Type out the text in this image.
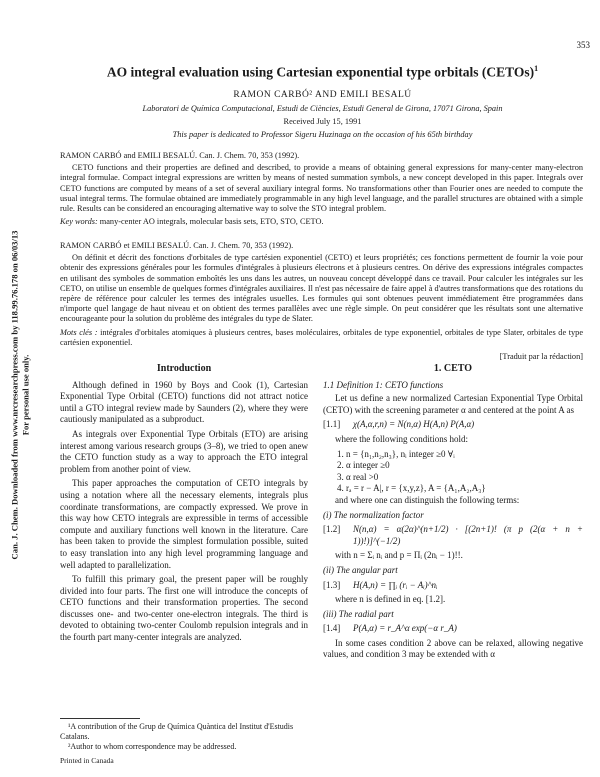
353
Can. J. Chem. Downloaded from www.nrcresearchpress.com by 118.99.76.178 on 06/03/13 For personal use only.
AO integral evaluation using Cartesian exponential type orbitals (CETOs)$^1$
RAMON CARBÓ² AND EMILI BESALÚ
Laboratori de Química Computacional, Estudi de Ciències, Estudi General de Girona, 17071 Girona, Spain
Received July 15, 1991
This paper is dedicated to Professor Sigeru Huzinaga on the occasion of his 65th birthday

RAMON CARBÓ and EMILI BESALÚ. Can. J. Chem. 70, 353 (1992).

CETO functions and their properties are defined and described, to provide a means of obtaining general expressions for many-center many-electron integral formulae. Compact integral expressions are written by means of nested summation symbols, a new concept developed in this paper. Integrals over CETO functions are computed by means of a set of several auxiliary integral forms. No transformations other than Fourier ones are needed to compute the usual integral terms. The formulae obtained are immediately programmable in any high level language, and the parallel structures are obtained with a simple rule. Results can be considered an encouraging alternative way to solve the STO integral problem.

Key words: many-center AO integrals, molecular basis sets, ETO, STO, CETO.

RAMON CARBÓ et EMILI BESALÚ. Can. J. Chem. 70, 353 (1992).

On définit et décrit des fonctions d'orbitales de type cartésien exponentiel (CETO) et leurs propriétés; ces fonctions permettent de fournir la voie pour obtenir des expressions générales pour les formules d'intégrales à plusieurs électrons et à plusieurs centres. On dérive des expressions intégrales compactes en utilisant des symboles de sommation emboîtés les uns dans les autres, un nouveau concept développé dans ce travail. Pour calculer les intégrales sur les CETO, on utilise un ensemble de quelques formes d'intégrales auxiliaires. Il n'est pas nécessaire de faire appel à d'autres transformations que des rotations du repère de référence pour calculer les termes des intégrales usuelles. Les formules qui sont obtenues peuvent immédiatement être programmées dans n'importe quel langage de haut niveau et on obtient des termes parallèles avec une règle simple. On peut considérer que les résultats sont une alternative encourageante pour la solution du problème des intégrales du type de Slater.

Mots clés : intégrales d'orbitales atomiques à plusieurs centres, bases moléculaires, orbitales de type exponentiel, orbitales de type Slater, orbitales de type cartésien exponentiel.

[Traduit par la rédaction]
Introduction

Although defined in 1960 by Boys and Cook (1), Cartesian Exponential Type Orbital (CETO) functions did not attract notice until a GTO integral review made by Saunders (2), where they were cautiously manipulated as a subproduct.

As integrals over Exponential Type Orbitals (ETO) are arising interest among various research groups (3–8), we tried to open anew the CETO function study as a way to approach the ETO integral problem from another point of view.

This paper approaches the computation of CETO integrals by using a notation where all the necessary elements, integrals plus coordinate transformations, are compactly expressed. We prove in this way how CETO integrals are expressible in terms of accessible compute and auxiliary functions well known in the literature. Care has been taken to provide the simplest formulation possible, suited to easy translation into any high level programming language and well adapted to parallelization.

To fulfill this primary goal, the present paper will be roughly divided into four parts. The first one will introduce the concepts of CETO functions and their transformation properties. The second discusses one- and two-center one-electron integrals. The third is devoted to obtaining two-center Coulomb repulsion integrals and in the fourth part many-center integrals are analyzed.

¹A contribution of the Grup de Química Quàntica del Institut d'Estudis Catalans.

²Author to whom correspondence may be addressed.

Printed in Canada
1. CETO

1.1 Definition 1: CETO functions

Let us define a new normalized Cartesian Exponential Type Orbital (CETO) with the screening parameter α and centered at the point A as

[1.1]	χ(A,α,r,n) = N(n,α) H(A,n) P(A,α)

where the following conditions hold:

1. n = {n₁,n₂,n₃}, nᵢ integer ≥0 ∀ᵢ
2. α integer ≥0
3. α real >0
4. rₐ = r − A|, r = {x,y,z}, A = {A₁,A₂,A₃}

and where one can distinguish the following terms:

(i) The normalization factor

[1.2]	N(n,α) = α(2α)^(n+1/2) · [(2n+1)! (π p (2(α + n + 1))!)]^(−1/2)

with n = Σᵢ nᵢ and p = Πᵢ (2nᵢ − 1)!!.

(ii) The angular part

[1.3]	H(A,n) = ∏ᵢ (rᵢ − Aᵢ)^nᵢ

where n is defined in eq. [1.2].

(iii) The radial part

[1.4]	P(A,α) = r_A^α exp(−α r_A)

In some cases condition 2 above can be relaxed, allowing negative values, and condition 3 may be extended with α
